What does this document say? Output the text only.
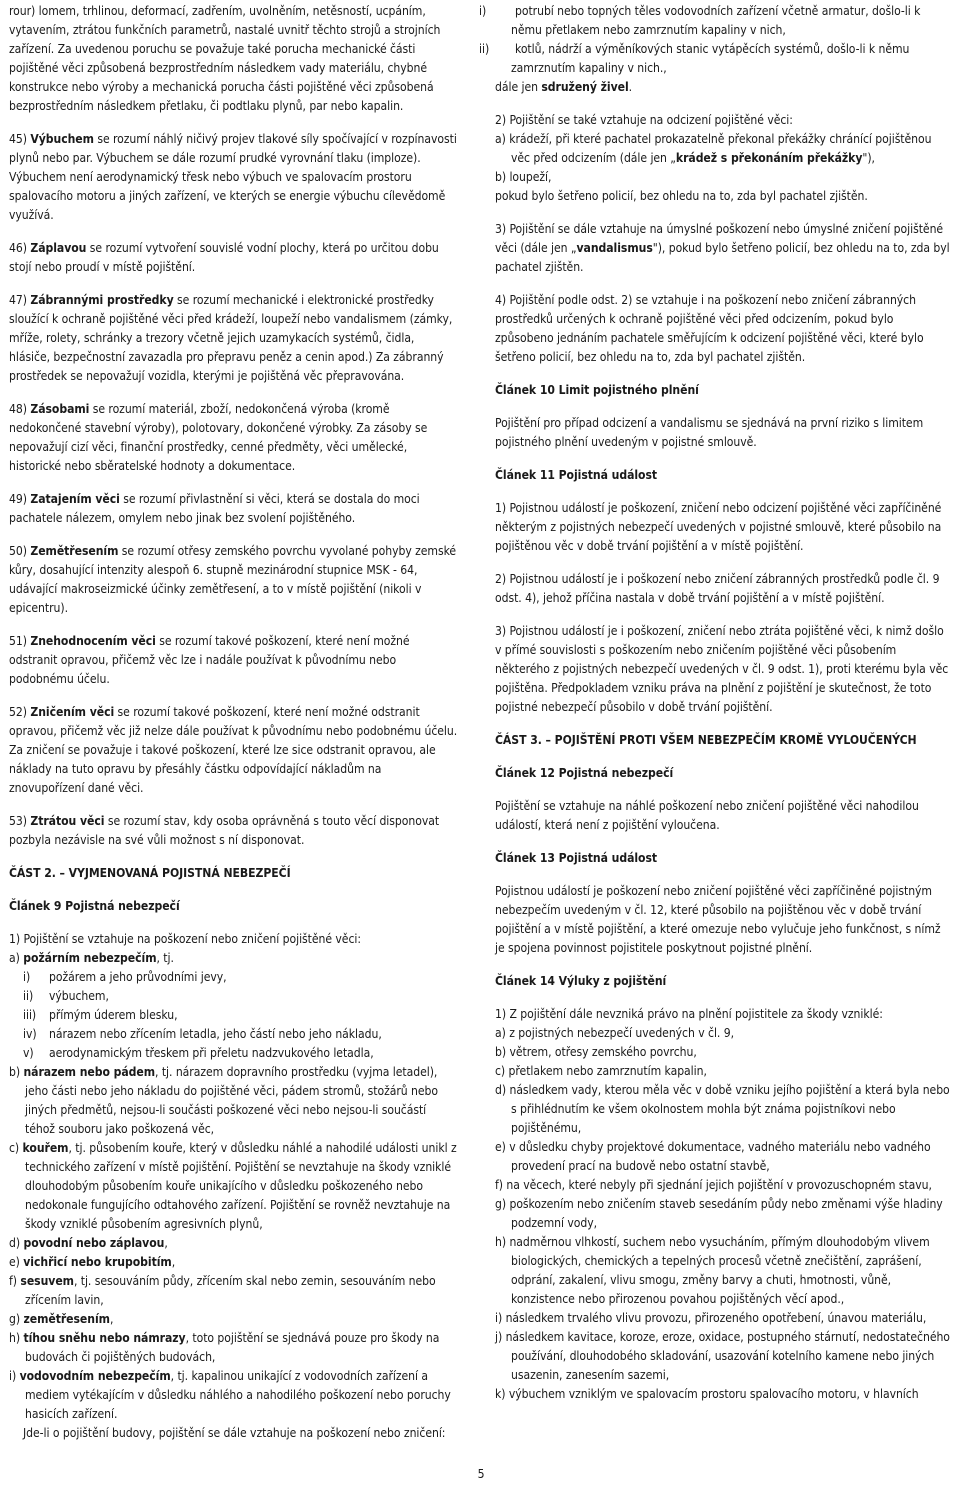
rour) lomem, trhlinou, deformací, zadřením, uvolněním, netěsností, ucpáním, vytavením, ztrátou funkčních parametrů, nastalé uvnitř těchto strojů a strojních zařízení. Za uvedenou poruchu se považuje také porucha mechanické části pojištěné věci způsobená bezprostředním následkem vady materiálu, chybné konstrukce nebo výroby a mechanická porucha části pojištěné věci způsobená bezprostředním následkem přetlaku, či podtlaku plynů, par nebo kapalin.

45) Výbuchem se rozumí náhlý ničivý projev tlakové síly spočívající v rozpínavosti plynů nebo par. Výbuchem se dále rozumí prudké vyrovnání tlaku (imploze). Výbuchem není aerodynamický třesk nebo výbuch ve spalovacím prostoru spalovacího motoru a jiných zařízení, ve kterých se energie výbuchu cílevědomě využívá.

46) Záplavou se rozumí vytvoření souvislé vodní plochy, která po určitou dobu stojí nebo proudí v místě pojištění.

47) Zábrannými prostředky se rozumí mechanické i elektronické prostředky sloužící k ochraně pojištěné věci před krádeží, loupeží nebo vandalismem (zámky, mříže, rolety, schránky a trezory včetně jejich uzamykacích systémů, čidla, hlásiče, bezpečnostní zavazadla pro přepravu peněz a cenin apod.) Za zábranný prostředek se nepovažují vozidla, kterými je pojištěná věc přepravována.

48) Zásobami se rozumí materiál, zboží, nedokončená výroba (kromě nedokončené stavební výroby), polotovary, dokončené výrobky. Za zásoby se nepovažují cizí věci, finanční prostředky, cenné předměty, věci umělecké, historické nebo sběratelské hodnoty a dokumentace.

49) Zatajením věci se rozumí přivlastnění si věci, která se dostala do moci pachatele nálezem, omylem nebo jinak bez svolení pojištěného.

50) Zemětřesením se rozumí otřesy zemského povrchu vyvolané pohyby zemské kůry, dosahující intenzity alespoň 6. stupně mezinárodní stupnice MSK - 64, udávající makroseizmické účinky zemětřesení, a to v místě pojištění (nikoli v epicentru).

51) Znehodnocením věci se rozumí takové poškození, které není možné odstranit opravou, přičemž věc lze i nadále používat k původnímu nebo podobnému účelu.

52) Zničením věci se rozumí takové poškození, které není možné odstranit opravou, přičemž věc již nelze dále používat k původnímu nebo podobnému účelu. Za zničení se považuje i takové poškození, které lze sice odstranit opravou, ale náklady na tuto opravu by přesáhly částku odpovídající nákladům na znovupořízení dané věci.

53) Ztrátou věci se rozumí stav, kdy osoba oprávněná s touto věcí disponovat pozbyla nezávisle na své vůli možnost s ní disponovat.

ČÁST 2. – VYJMENOVANÁ POJISTNÁ NEBEZPEČÍ
Článek 9 Pojistná nebezpečí
1) Pojištění se vztahuje na poškození nebo zničení pojištěné věci:
a) požárním nebezpečím, tj.
i) požárem a jeho průvodními jevy,
ii) výbuchem,
iii) přímým úderem blesku,
iv) nárazem nebo zřícením letadla, jeho částí nebo jeho nákladu,
v) aerodynamickým třeskem při přeletu nadzvukového letadla,
b) nárazem nebo pádem, tj. nárazem dopravního prostředku (vyjma letadel), jeho části nebo jeho nákladu do pojištěné věci, pádem stromů, stožárů nebo jiných předmětů, nejsou-li součásti poškozené věci nebo nejsou-li součástí téhož souboru jako poškozená věc,
c) kouřem, tj. působením kouře, který v důsledku náhlé a nahodilé události unikl z technického zařízení v místě pojištění. Pojištění se nevztahuje na škody vzniklé dlouhodobým působením kouře unikajícího v důsledku poškozeného nebo nedokonale fungujícího odtahového zařízení. Pojištění se rovněž nevztahuje na škody vzniklé působením agresivních plynů,
d) povodní nebo záplavou,
e) vichřicí nebo krupobitím,
f) sesuvem, tj. sesouváním půdy, zřícením skal nebo zemin, sesouváním nebo zřícením lavin,
g) zemětřesením,
h) tíhou sněhu nebo námrazy, toto pojištění se sjednává pouze pro škody na budovách či pojištěných budovách,
i) vodovodním nebezpečím, tj. kapalinou unikající z vodovodních zařízení a mediem vytékajícím v důsledku náhlého a nahodilého poškození nebo poruchy hasicích zařízení.
Jde-li o pojištění budovy, pojištění se dále vztahuje na poškození nebo zničení:

i) potrubí nebo topných těles vodovodních zařízení včetně armatur, došlo-li k němu přetlakem nebo zamrznutím kapaliny v nich,
ii) kotlů, nádrží a výměníkových stanic vytápěcích systémů, došlo-li k němu zamrznutím kapaliny v nich.,
dále jen sdružený živel.

2) Pojištění se také vztahuje na odcizení pojištěné věci:
a) krádeží, při které pachatel prokazatelně překonal překážky chránící pojištěnou věc před odcizením (dále jen „krádež s překonáním překážky"),
b) loupeží,
pokud bylo šetřeno policií, bez ohledu na to, zda byl pachatel zjištěn.

3) Pojištění se dále vztahuje na úmyslné poškození nebo úmyslné zničení pojištěné věci (dále jen „vandalismus"), pokud bylo šetřeno policií, bez ohledu na to, zda byl pachatel zjištěn.

4) Pojištění podle odst. 2) se vztahuje i na poškození nebo zničení zábranných prostředků určených k ochraně pojištěné věci před odcizením, pokud bylo způsobeno jednáním pachatele směřujícím k odcizení pojištěné věci, které bylo šetřeno policií, bez ohledu na to, zda byl pachatel zjištěn.

Článek 10 Limit pojistného plnění

Pojištění pro případ odcizení a vandalismu se sjednává na první riziko s limitem pojistného plnění uvedeným v pojistné smlouvě.

Článek 11 Pojistná událost

1) Pojistnou událostí je poškození, zničení nebo odcizení pojištěné věci zapříčiněné některým z pojistných nebezpečí uvedených v pojistné smlouvě, které působilo na pojištěnou věc v době trvání pojištění a v místě pojištění.

2) Pojistnou událostí je i poškození nebo zničení zábranných prostředků podle čl. 9 odst. 4), jehož příčina nastala v době trvání pojištění a v místě pojištění.

3) Pojistnou událostí je i poškození, zničení nebo ztráta pojištěné věci, k nimž došlo v přímé souvislosti s poškozením nebo zničením pojištěné věci působením některého z pojistných nebezpečí uvedených v čl. 9 odst. 1), proti kterému byla věc pojištěna. Předpokladem vzniku práva na plnění z pojištění je skutečnost, že toto pojistné nebezpečí působilo v době trvání pojištění.

ČÁST 3. – POJIŠTĚNÍ PROTI VŠEM NEBEZPEČÍM KROMĚ VYLOUČENÝCH
Článek 12 Pojistná nebezpečí

Pojištění se vztahuje na náhlé poškození nebo zničení pojištěné věci nahodilou událostí, která není z pojištění vyloučena.

Článek 13 Pojistná událost

Pojistnou událostí je poškození nebo zničení pojištěné věci zapříčiněné pojistným nebezpečím uvedeným v čl. 12, které působilo na pojištěnou věc v době trvání pojištění a v místě pojištění, a které omezuje nebo vylučuje jeho funkčnost, s nímž je spojena povinnost pojistitele poskytnout pojistné plnění.

Článek 14 Výluky z pojištění
1) Z pojištění dále nevzniká právo na plnění pojistitele za škody vzniklé:
a) z pojistných nebezpečí uvedených v čl. 9,
b) větrem, otřesy zemského povrchu,
c) přetlakem nebo zamrznutím kapalin,
d) následkem vady, kterou měla věc v době vzniku jejího pojištění a která byla nebo s přihlédnutím ke všem okolnostem mohla být známa pojistníkovi nebo pojištěnému,
e) v důsledku chyby projektové dokumentace, vadného materiálu nebo vadného provedení prací na budově nebo ostatní stavbě,
f) na věcech, které nebyly při sjednání jejich pojištění v provozuschopném stavu,
g) poškozením nebo zničením staveb sesedáním půdy nebo změnami výše hladiny podzemní vody,
h) nadměrnou vlhkostí, suchem nebo vysucháním, přímým dlouhodobým vlivem biologických, chemických a tepelných procesů včetně znečištění, zaprášení, odprání, zakalení, vlivu smogu, změny barvy a chuti, hmotnosti, vůně, konzistence nebo přirozenou povahou pojištěných věcí apod.,
i) následkem trvalého vlivu provozu, přirozeného opotřebení, únavou materiálu,
j) následkem kavitace, koroze, eroze, oxidace, postupného stárnutí, nedostatečného používání, dlouhodobého skladování, usazování kotelního kamene nebo jiných usazenin, zanesením sazemi,
k) výbuchem vzniklým ve spalovacím prostoru spalovacího motoru, v hlavních
5
